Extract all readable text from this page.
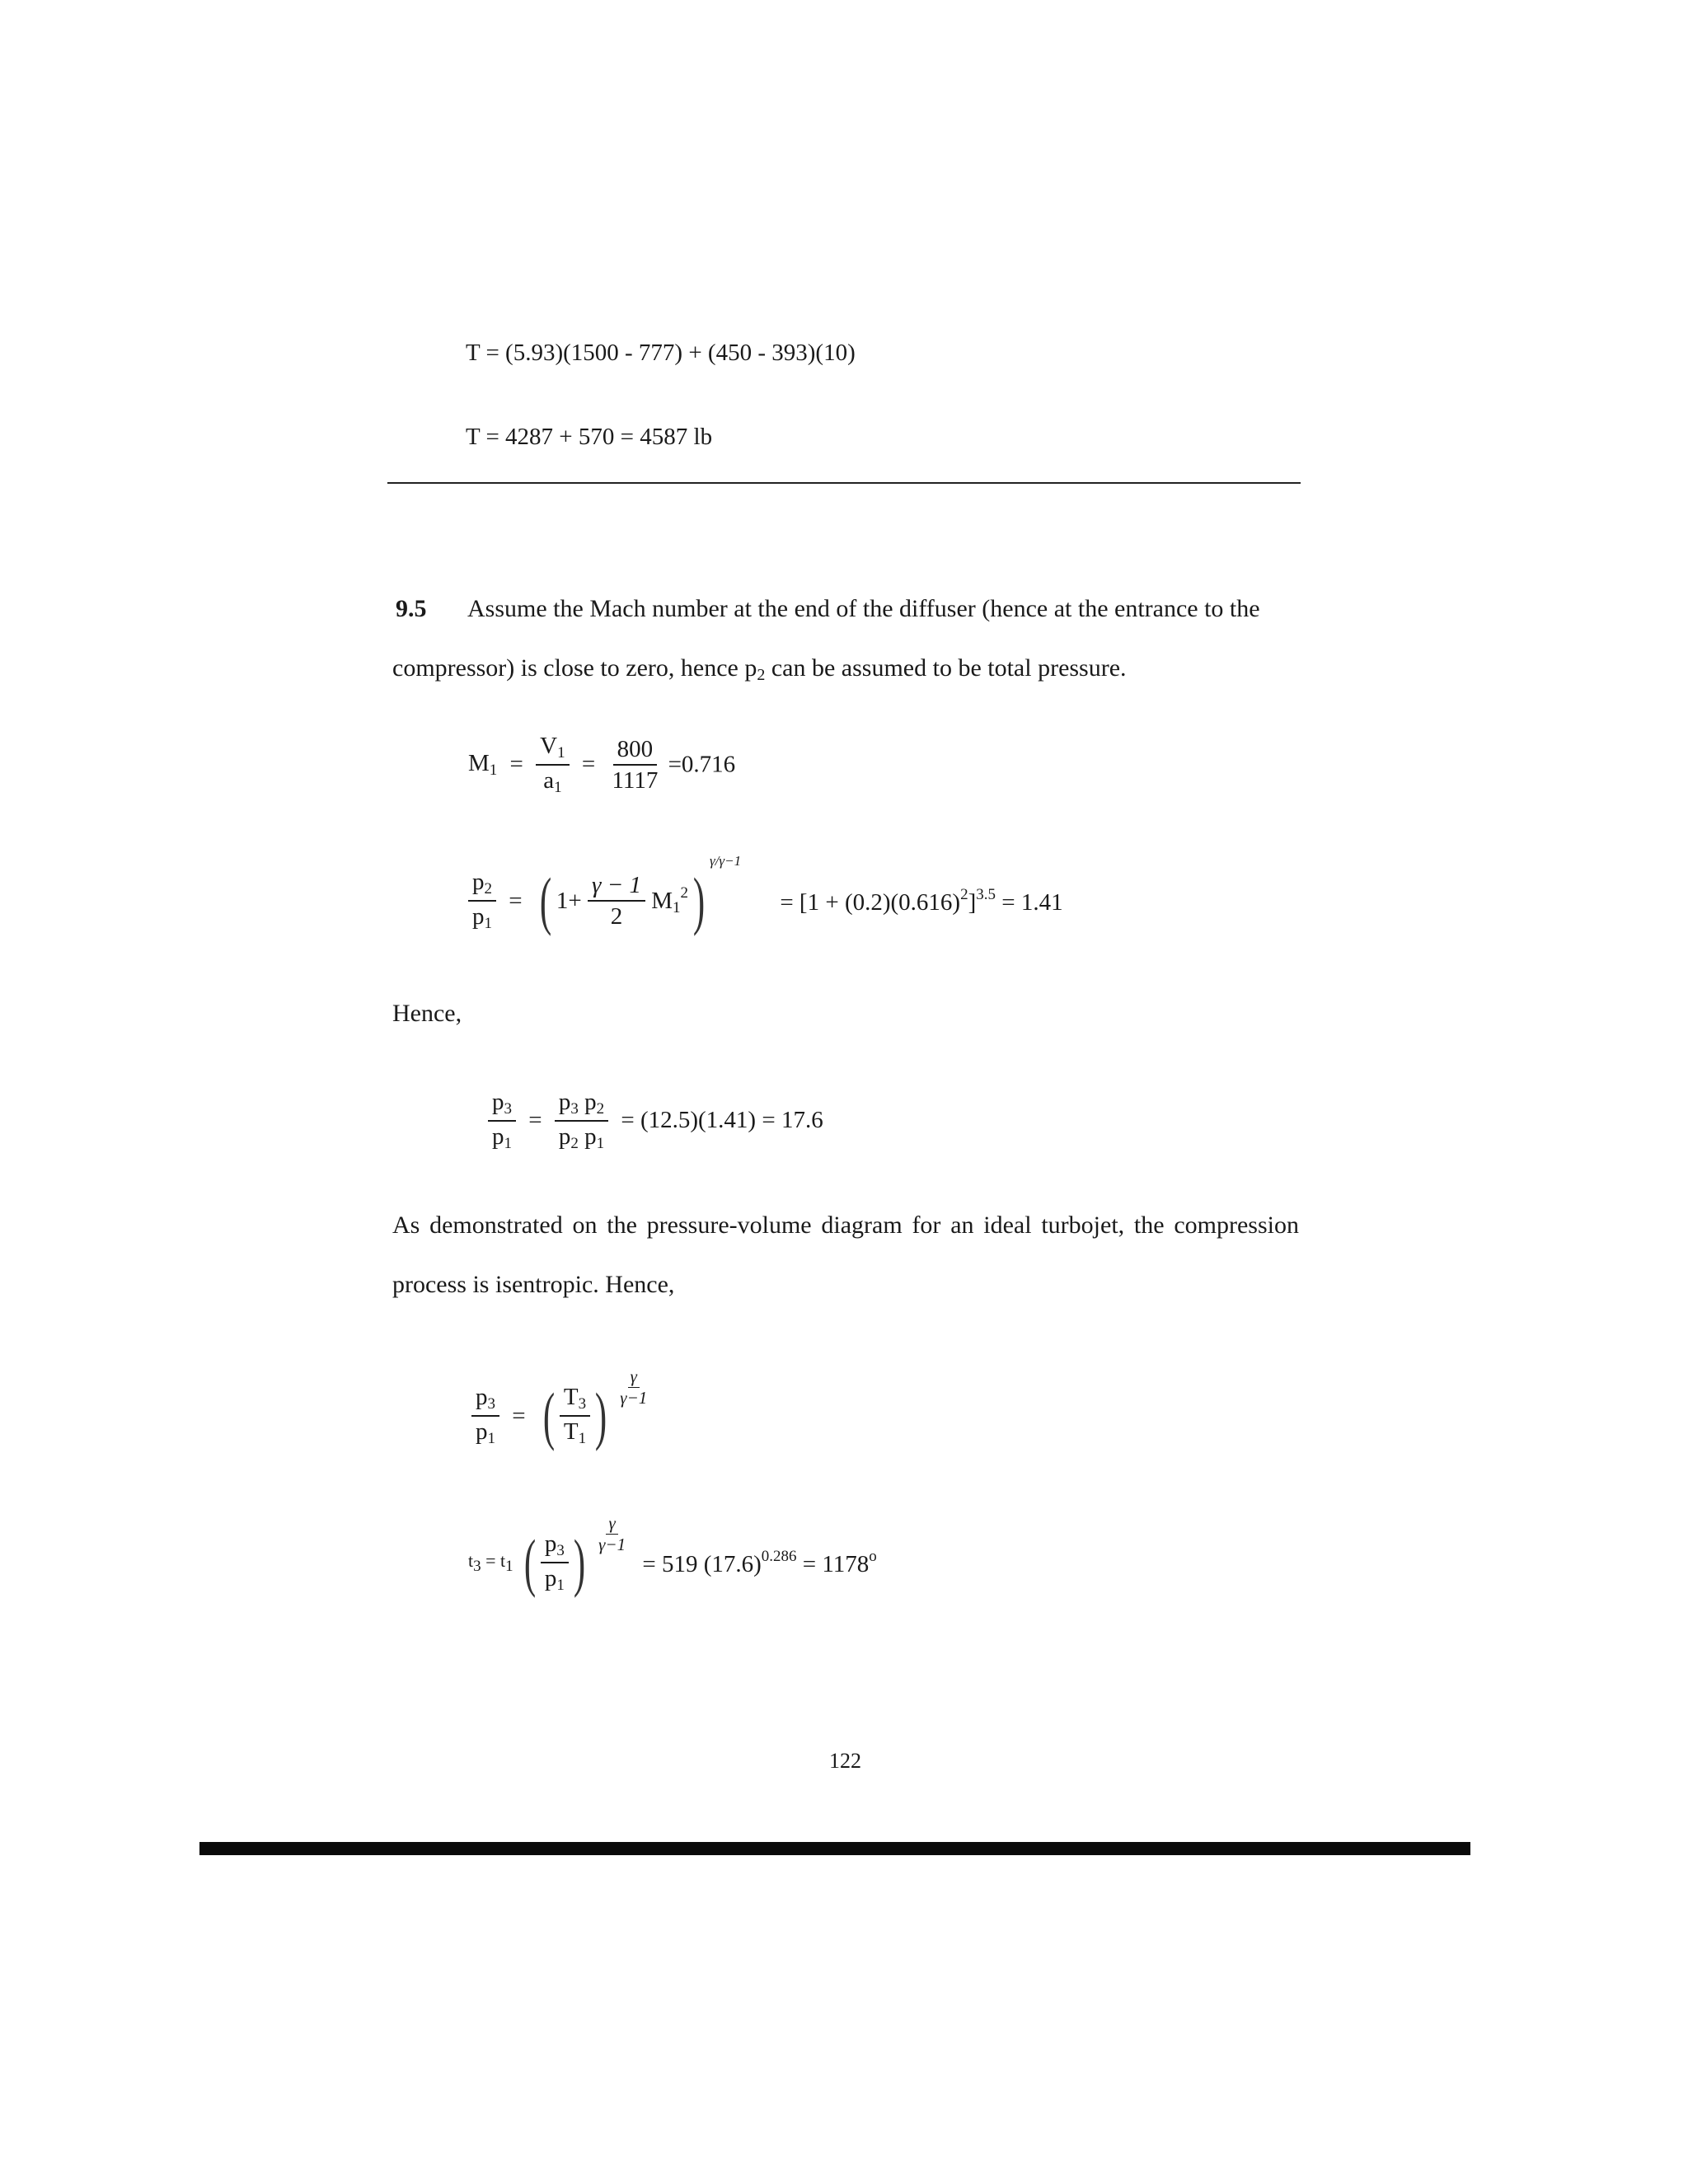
T = (5.93)(1500 - 777) + (450 - 393)(10)
T = 4287 + 570 = 4587 lb
9.5 Assume the Mach number at the end of the diffuser (hence at the entrance to the
compressor) is close to zero, hence p2 can be assumed to be total pressure.
$M_1 = \frac{V_1}{a_1} = \frac{800}{1117} =0.716$
$\frac{p_2}{p_1}$ = ( $1+ \frac{\gamma - 1}{2} M_1^2)^{\gamma/\gamma-1} = [1 + (0.2)(0.616)^2]^{3.5} = 1.41$
Hence,
$\frac{p_3}{p_1} = \frac{p_3 p_2}{p_2 p_1} = (12.5)(1.41) = 17.6$
As demonstrated on the pressure-volume diagram for an ideal turbojet, the compression
process is isentropic. Hence,
$\frac{p_3}{p_1}$ = ( $\frac{T_3}{T_1}$ ) $\frac{\gamma}{\gamma-1}$
$t_3 = t_1$ ( $\frac{p_3}{p_1}$ ) $\frac{\gamma}{\gamma-1}$
= 519 $(17.6)^{0.286} = 1178^o$
122
